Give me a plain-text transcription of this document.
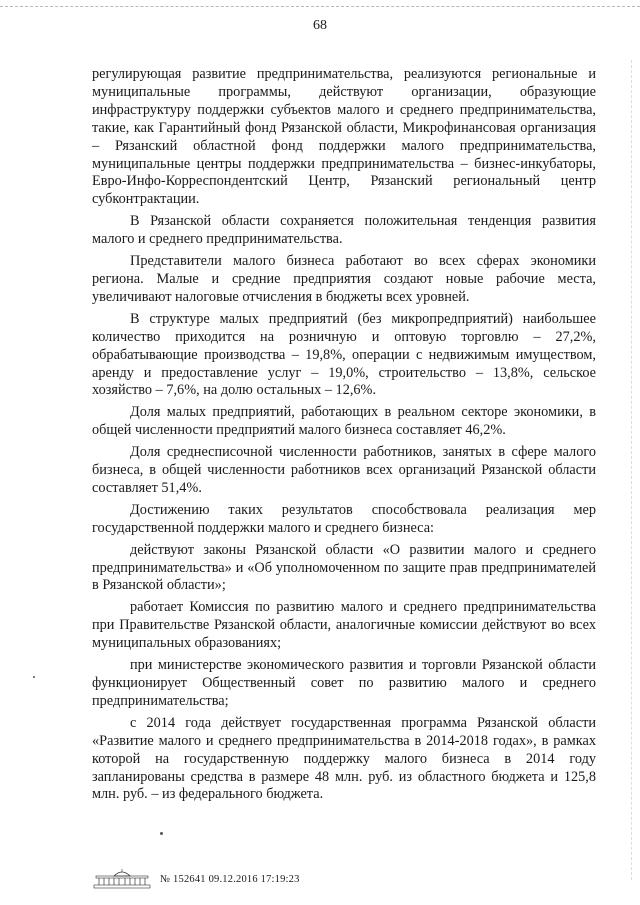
68

регулирующая развитие предпринимательства, реализуются региональные и муниципальные программы, действуют организации, образующие инфраструктуру поддержки субъектов малого и среднего предпринимательства, такие, как Гарантийный фонд Рязанской области, Микрофинансовая организация – Рязанский областной фонд поддержки малого предпринимательства, муниципальные центры поддержки предпринимательства – бизнес-инкубаторы, Евро-Инфо-Корреспондентский Центр, Рязанский региональный центр субконтрактации.

В Рязанской области сохраняется положительная тенденция развития малого и среднего предпринимательства.

Представители малого бизнеса работают во всех сферах экономики региона. Малые и средние предприятия создают новые рабочие места, увеличивают налоговые отчисления в бюджеты всех уровней.

В структуре малых предприятий (без микропредприятий) наибольшее количество приходится на розничную и оптовую торговлю – 27,2%, обрабатывающие производства – 19,8%, операции с недвижимым имуществом, аренду и предоставление услуг – 19,0%, строительство – 13,8%, сельское хозяйство – 7,6%, на долю остальных – 12,6%.

Доля малых предприятий, работающих в реальном секторе экономики, в общей численности предприятий малого бизнеса составляет 46,2%.

Доля среднесписочной численности работников, занятых в сфере малого бизнеса, в общей численности работников всех организаций Рязанской области составляет 51,4%.

Достижению таких результатов способствовала реализация мер государственной поддержки малого и среднего бизнеса:

действуют законы Рязанской области «О развитии малого и среднего предпринимательства» и «Об уполномоченном по защите прав предпринимателей в Рязанской области»;

работает Комиссия по развитию малого и среднего предпринимательства при Правительстве Рязанской области, аналогичные комиссии действуют во всех муниципальных образованиях;

при министерстве экономического развития и торговли Рязанской области функционирует Общественный совет по развитию малого и среднего предпринимательства;

с 2014 года действует государственная программа Рязанской области «Развитие малого и среднего предпринимательства в 2014-2018 годах», в рамках которой на государственную поддержку малого бизнеса в 2014 году запланированы средства в размере 48 млн. руб. из областного бюджета и 125,8 млн. руб. – из федерального бюджета.

№ 152641 09.12.2016 17:19:23
